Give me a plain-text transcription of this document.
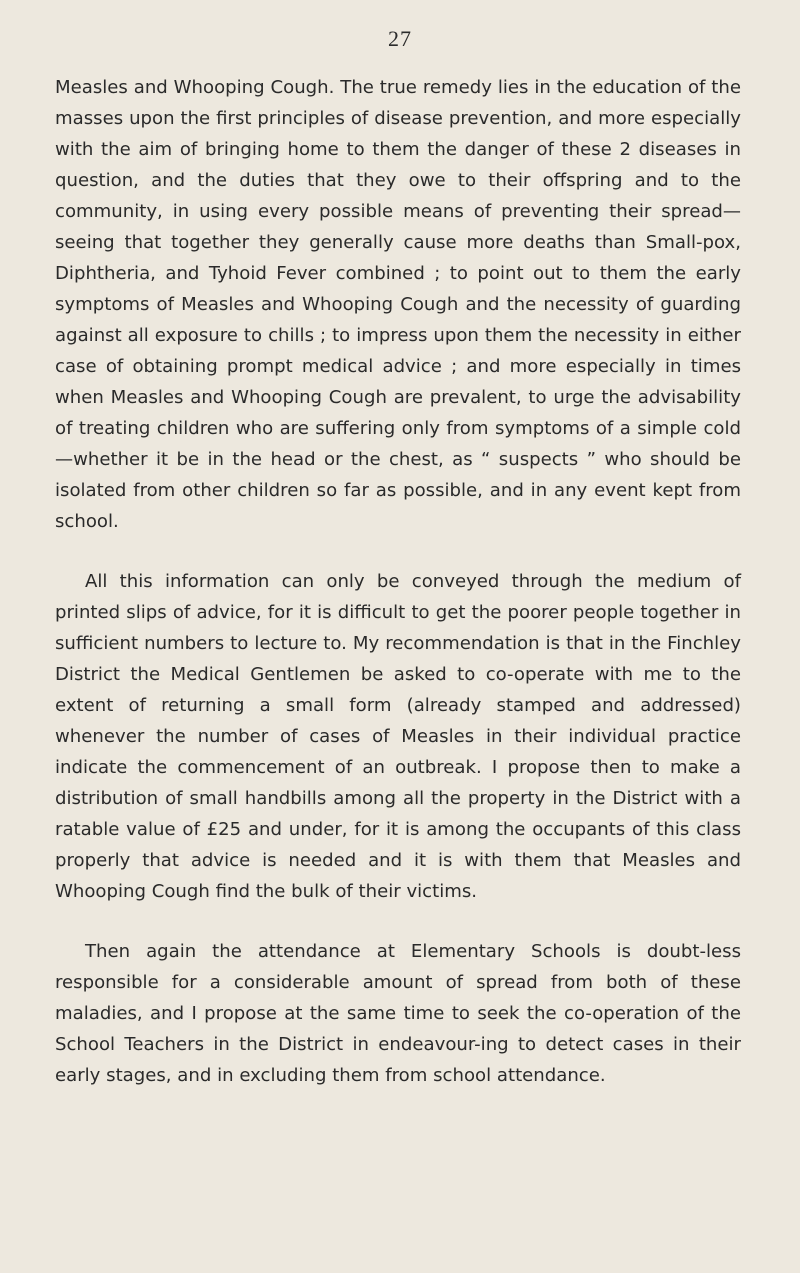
27

Measles and Whooping Cough. The true remedy lies in the education of the masses upon the first principles of disease prevention, and more especially with the aim of bringing home to them the danger of these 2 diseases in question, and the duties that they owe to their offspring and to the community, in using every possible means of preventing their spread—seeing that together they generally cause more deaths than Small-pox, Diphtheria, and Tyhoid Fever combined ; to point out to them the early symptoms of Measles and Whooping Cough and the necessity of guarding against all exposure to chills ; to impress upon them the necessity in either case of obtaining prompt medical advice ; and more especially in times when Measles and Whooping Cough are prevalent, to urge the advisability of treating children who are suffering only from symptoms of a simple cold —whether it be in the head or the chest, as “ suspects ” who should be isolated from other children so far as possible, and in any event kept from school.

All this information can only be conveyed through the medium of printed slips of advice, for it is difficult to get the poorer people together in sufficient numbers to lecture to. My recommendation is that in the Finchley District the Medical Gentlemen be asked to co-operate with me to the extent of returning a small form (already stamped and addressed) whenever the number of cases of Measles in their individual practice indicate the commencement of an outbreak. I propose then to make a distribution of small handbills among all the property in the District with a ratable value of £25 and under, for it is among the occupants of this class properly that advice is needed and it is with them that Measles and Whooping Cough find the bulk of their victims.

Then again the attendance at Elementary Schools is doubt-less responsible for a considerable amount of spread from both of these maladies, and I propose at the same time to seek the co-operation of the School Teachers in the District in endeavour-ing to detect cases in their early stages, and in excluding them from school attendance.
